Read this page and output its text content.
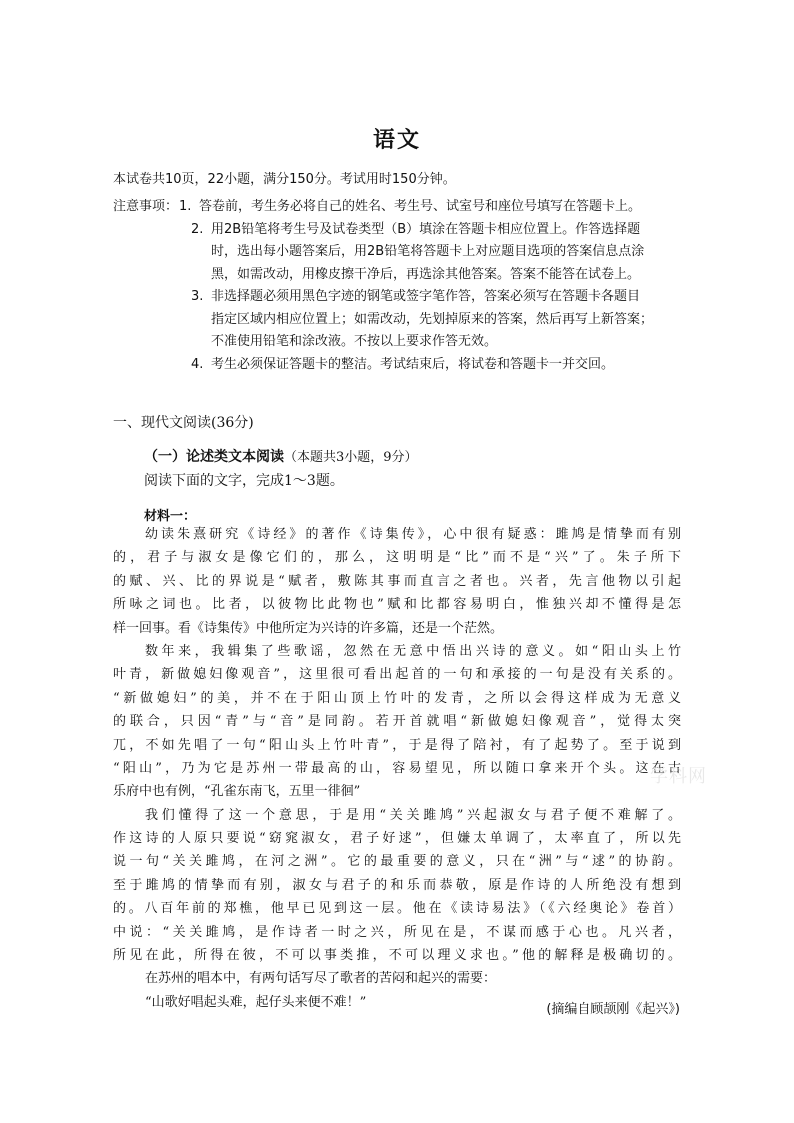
语文
本试卷共10页，22小题，满分150分。考试用时150分钟。
注意事项： 1. 答卷前，考生务必将自己的姓名、考生号、试室号和座位号填写在答题卡上。
2. 用2B铅笔将考生号及试卷类型（B）填涂在答题卡相应位置上。作答选择题
时，选出每小题答案后，用2B铅笔将答题卡上对应题目选项的答案信息点涂
黑，如需改动，用橡皮擦干净后，再选涂其他答案。答案不能答在试卷上。
3. 非选择题必须用黑色字迹的钢笔或签字笔作答，答案必须写在答题卡各题目
指定区域内相应位置上；如需改动，先划掉原来的答案，然后再写上新答案；
不准使用铅笔和涂改液。不按以上要求作答无效。
4. 考生必须保证答题卡的整洁。考试结束后，将试卷和答题卡一并交回。
一、现代文阅读(36分)
（一）论述类文本阅读（本题共3小题，9分）
阅读下面的文字，完成1～3题。
材料一：
幼读朱熹研究《诗经》的著作《诗集传》，心中很有疑惑：雎鸠是情挚而有别
的，君子与淑女是像它们的，那么，这明明是“比”而不是“兴”了。朱子所下
的赋、兴、比的界说是“赋者，敷陈其事而直言之者也。兴者，先言他物以引起
所咏之词也。比者，以彼物比此物也”赋和比都容易明白，惟独兴却不懂得是怎
样一回事。看《诗集传》中他所定为兴诗的许多篇，还是一个茫然。
数年来，我辑集了些歌谣，忽然在无意中悟出兴诗的意义。如“阳山头上竹
叶青，新做媳妇像观音”，这里很可看出起首的一句和承接的一句是没有关系的。
“新做媳妇”的美，并不在于阳山顶上竹叶的发青，之所以会得这样成为无意义
的联合，只因“青”与“音”是同韵。若开首就唱“新做媳妇像观音”，觉得太突
兀，不如先唱了一句“阳山头上竹叶青”，于是得了陪衬，有了起势了。至于说到
“阳山”，乃为它是苏州一带最高的山，容易望见，所以随口拿来开个头。这在古
乐府中也有例，“孔雀东南飞，五里一徘徊”
我们懂得了这一个意思，于是用“关关雎鸠”兴起淑女与君子便不难解了。
作这诗的人原只要说“窈窕淑女，君子好逑”，但嫌太单调了，太率直了，所以先
说一句“关关雎鸠，在河之洲”。它的最重要的意义，只在“洲”与“逑”的协韵。
至于雎鸠的情挚而有别，淑女与君子的和乐而恭敬，原是作诗的人所绝没有想到
的。八百年前的郑樵，他早已见到这一层。他在《读诗易法》（《六经奥论》卷首）
中说：“关关雎鸠，是作诗者一时之兴，所见在是，不谋而感于心也。凡兴者，
所见在此，所得在彼，不可以事类推，不可以理义求也。”他的解释是极确切的。
在苏州的唱本中，有两句话写尽了歌者的苦闷和起兴的需要：
“山歌好唱起头难，起仔头来便不难！”
学科网
(摘编自顾颉刚《起兴》)
